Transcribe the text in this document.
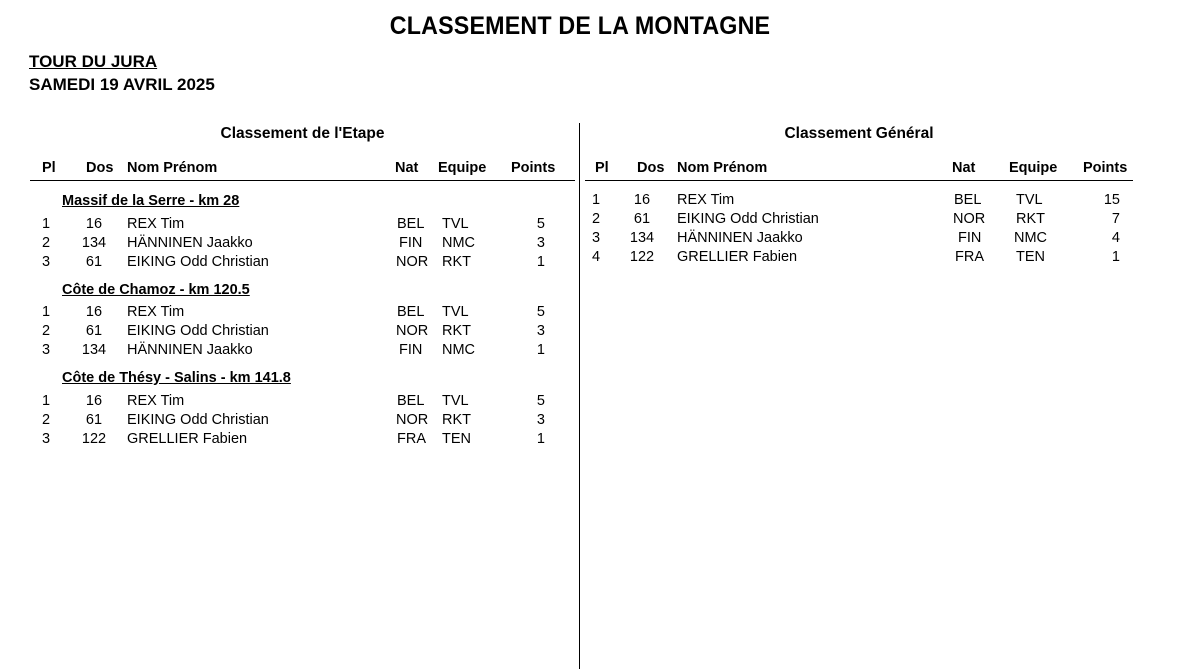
CLASSEMENT DE LA MONTAGNE
TOUR DU JURA
SAMEDI 19 AVRIL 2025
Classement de l'Etape
Pl Dos Nom Prénom	Nat Equipe Points
Massif de la Serre - km 28
1	16	REX Tim	BEL TVL	5
2	134	HÄNNINEN Jaakko	FIN NMC	3
3	61	EIKING Odd Christian	NOR RKT	1
Côte de Chamoz - km 120.5
1	16	REX Tim	BEL TVL	5
2	61	EIKING Odd Christian	NOR RKT	3
3	134	HÄNNINEN Jaakko	FIN NMC	1
Côte de Thésy - Salins - km 141.8
1	16	REX Tim	BEL TVL	5
2	61	EIKING Odd Christian	NOR RKT	3
3	122	GRELLIER Fabien	FRA TEN	1
Classement Général
Pl Dos Nom Prénom	Nat Equipe Points
1	16	REX Tim	BEL TVL	15
2	61	EIKING Odd Christian	NOR RKT	7
3	134	HÄNNINEN Jaakko	FIN NMC	4
4	122	GRELLIER Fabien	FRA TEN	1
